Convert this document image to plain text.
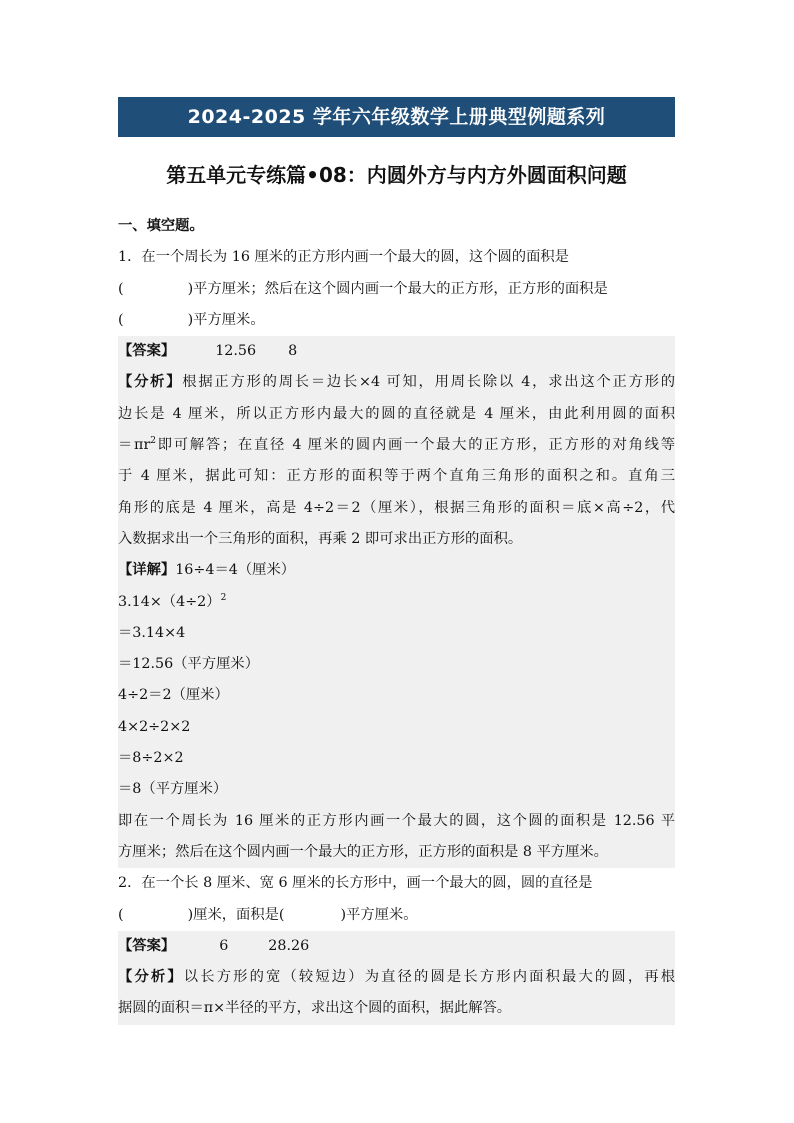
2024-2025 学年六年级数学上册典型例题系列
第五单元专练篇•08：内圆外方与内方外圆面积问题
一、填空题。
1．在一个周长为 16 厘米的正方形内画一个最大的圆，这个圆的面积是
(	)平方厘米；然后在这个圆内画一个最大的正方形，正方形的面积是
(	)平方厘米。
【答案】	12.56 8
【分析】根据正方形的周长＝边长×4 可知，用周长除以 4，求出这个正方形的
边长是 4 厘米，所以正方形内最大的圆的直径就是 4 厘米，由此利用圆的面积
$=\pi r^2$即可解答；在直径 4 厘米的圆内画一个最大的正方形，正方形的对角线等
于 4 厘米，据此可知：正方形的面积等于两个直角三角形的面积之和。直角三
角形的底是 4 厘米，高是 4÷2＝2（厘米），根据三角形的面积＝底×高÷2，代
入数据求出一个三角形的面积，再乘 2 即可求出正方形的面积。
【详解】16÷4＝4（厘米）
$3.14\times(4\div 2)^2$
＝3.14×4
＝12.56（平方厘米）
4÷2＝2（厘米）
4×2÷2×2
＝8÷2×2
＝8（平方厘米）
即在一个周长为 16 厘米的正方形内画一个最大的圆，这个圆的面积是 12.56 平
方厘米；然后在这个圆内画一个最大的正方形，正方形的面积是 8 平方厘米。
2．在一个长 8 厘米、宽 6 厘米的长方形中，画一个最大的圆，圆的直径是
(	)厘米，面积是(	)平方厘米。
【答案】	6	28.26
【分析】以长方形的宽（较短边）为直径的圆是长方形内面积最大的圆，再根
据圆的面积＝π×半径的平方，求出这个圆的面积，据此解答。
